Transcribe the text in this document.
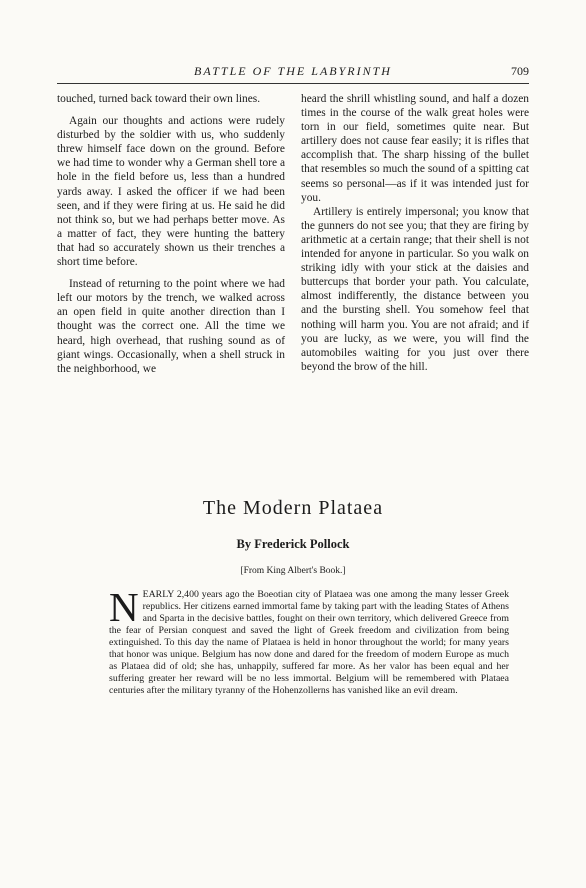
BATTLE OF THE LABYRINTH	709

touched, turned back toward their own lines.

Again our thoughts and actions were rudely disturbed by the soldier with us, who suddenly threw himself face down on the ground. Before we had time to wonder why a German shell tore a hole in the field before us, less than a hundred yards away. I asked the officer if we had been seen, and if they were firing at us. He said he did not think so, but we had perhaps better move. As a matter of fact, they were hunting the battery that had so accurately shown us their trenches a short time before.

Instead of returning to the point where we had left our motors by the trench, we walked across an open field in quite another direction than I thought was the correct one. All the time we heard, high overhead, that rushing sound as of giant wings. Occasionally, when a shell struck in the neighborhood, we

heard the shrill whistling sound, and half a dozen times in the course of the walk great holes were torn in our field, sometimes quite near. But artillery does not cause fear easily; it is rifles that accomplish that. The sharp hissing of the bullet that resembles so much the sound of a spitting cat seems so personal—as if it was intended just for you.

Artillery is entirely impersonal; you know that the gunners do not see you; that they are firing by arithmetic at a certain range; that their shell is not intended for anyone in particular. So you walk on striking idly with your stick at the daisies and buttercups that border your path. You calculate, almost indifferently, the distance between you and the bursting shell. You somehow feel that nothing will harm you. You are not afraid; and if you are lucky, as we were, you will find the automobiles waiting for you just over there beyond the brow of the hill.

The Modern Plataea
By Frederick Pollock
[From King Albert's Book.]

NEARLY 2,400 years ago the Boeotian city of Plataea was one among the many lesser Greek republics. Her citizens earned immortal fame by taking part with the leading States of Athens and Sparta in the decisive battles, fought on their own territory, which delivered Greece from the fear of Persian conquest and saved the light of Greek freedom and civilization from being extinguished. To this day the name of Plataea is held in honor throughout the world; for many years that honor was unique. Belgium has now done and dared for the freedom of modern Europe as much as Plataea did of old; she has, unhappily, suffered far more. As her valor has been equal and her suffering greater her reward will be no less immortal. Belgium will be remembered with Plataea centuries after the military tyranny of the Hohenzollerns has vanished like an evil dream.
